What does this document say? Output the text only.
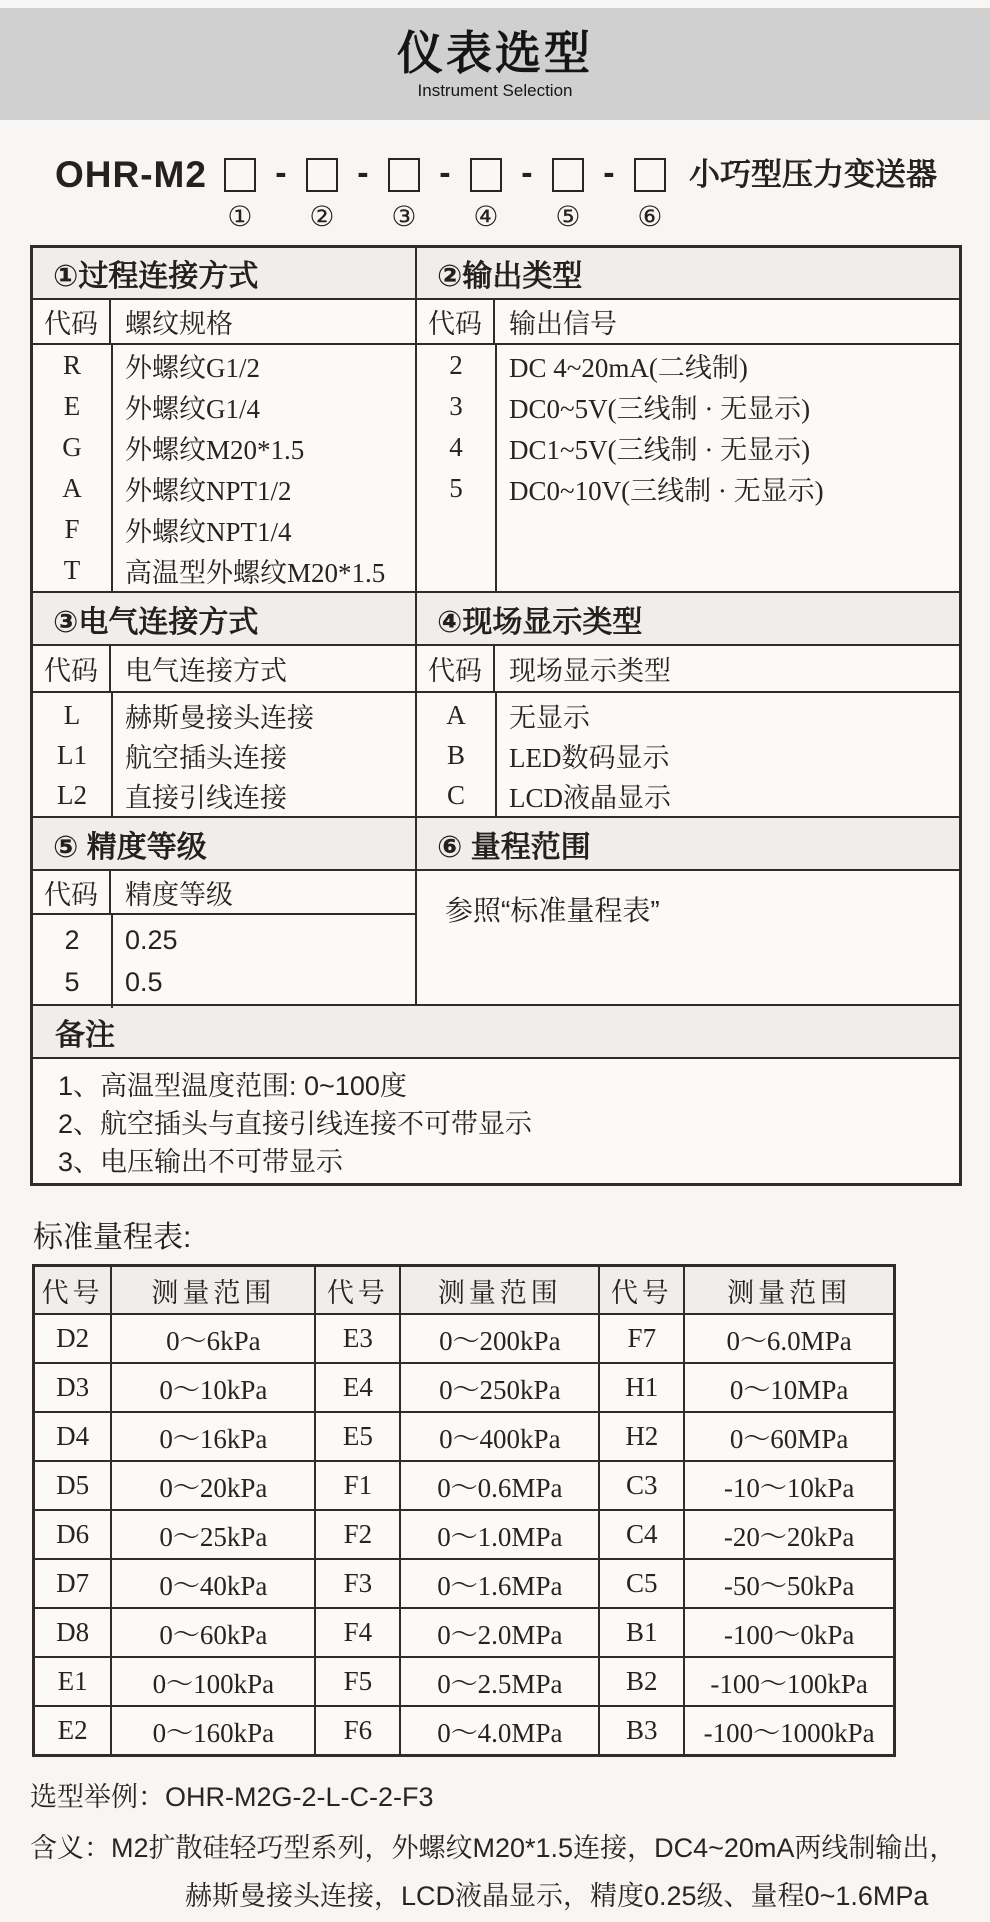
仪表选型
Instrument Selection
OHR-M2
①
-
②
-
③
-
④
-
⑤
-
⑥
小巧型压力变送器
①过程连接方式	②输出类型
代码	螺纹规格	代码	输出信号
R	外螺纹G1/2
E	外螺纹G1/4
G	外螺纹M20*1.5
A	外螺纹NPT1/2
F	外螺纹NPT1/4
T	高温型外螺纹M20*1.5
2	DC 4~20mA(二线制)
3	DC0~5V(三线制 · 无显示)
4	DC1~5V(三线制 · 无显示)
5	DC0~10V(三线制 · 无显示)
③电气连接方式	④现场显示类型
代码	电气连接方式	代码	现场显示类型
L	赫斯曼接头连接
L1	航空插头连接
L2	直接引线连接
A	无显示
B	LED数码显示
C	LCD液晶显示
⑤ 精度等级	⑥ 量程范围
代码	精度等级
2	0.25
5	0.5
参照“标准量程表”
备注
1、高温型温度范围: 0~100度
2、航空插头与直接引线连接不可带显示
3、电压输出不可带显示
标准量程表:
代号	测量范围	代号	测量范围	代号	测量范围
D2	0～6kPa	E3	0～200kPa	F7	0～6.0MPa
D3	0～10kPa	E4	0～250kPa	H1	0～10MPa
D4	0～16kPa	E5	0～400kPa	H2	0～60MPa
D5	0～20kPa	F1	0～0.6MPa	C3	-10～10kPa
D6	0～25kPa	F2	0～1.0MPa	C4	-20～20kPa
D7	0～40kPa	F3	0～1.6MPa	C5	-50～50kPa
D8	0～60kPa	F4	0～2.0MPa	B1	-100～0kPa
E1	0～100kPa	F5	0～2.5MPa	B2	-100～100kPa
E2	0～160kPa	F6	0～4.0MPa	B3	-100～1000kPa
选型举例：OHR-M2G-2-L-C-2-F3
含义：M2扩散硅轻巧型系列，外螺纹M20*1.5连接，DC4~20mA两线制输出，
赫斯曼接头连接，LCD液晶显示，精度0.25级、量程0~1.6MPa
